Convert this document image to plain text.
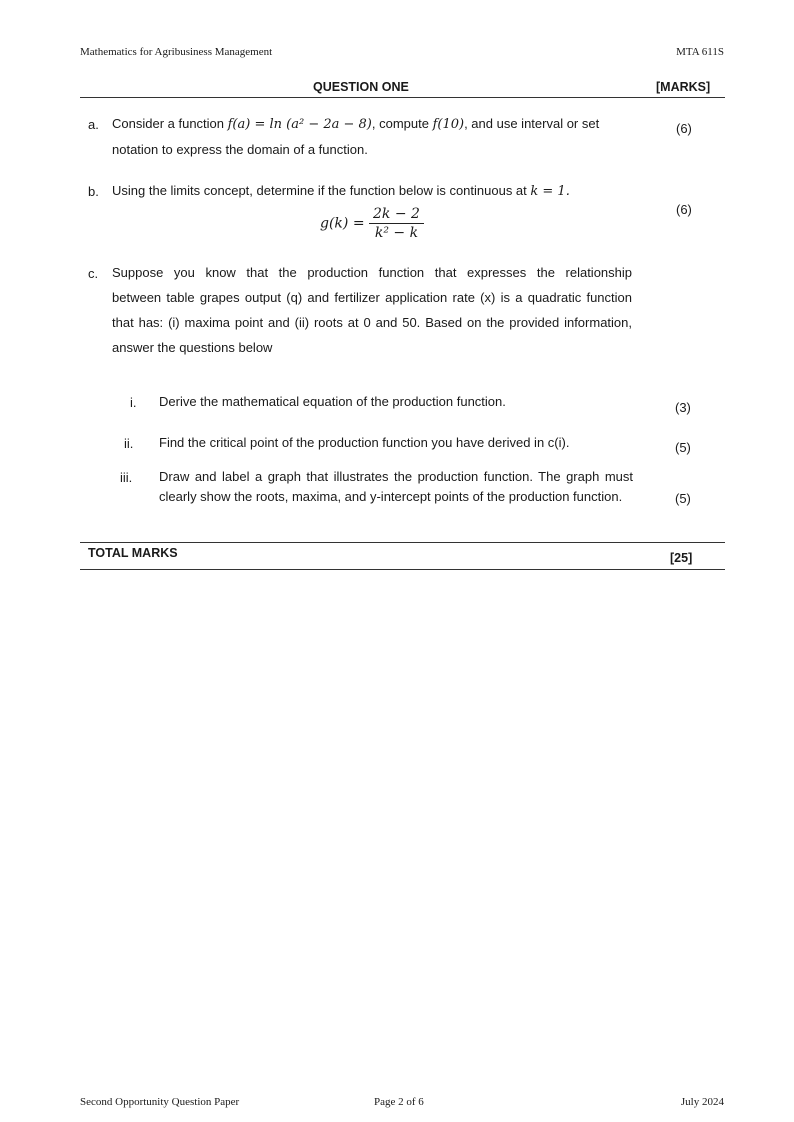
Mathematics for Agribusiness Management	MTA 611S
QUESTION ONE	[MARKS]
a. Consider a function f(a) = ln (a² − 2a − 8), compute f(10), and use interval or set
notation to express the domain of a function.
(6)
b. Using the limits concept, determine if the function below is continuous at k = 1.
$g(k) = \frac{2k - 2}{\text{k² − k}}$	(6)
c. Suppose you know that the production function that expresses the relationship
between table grapes output (q) and fertilizer application rate (x) is a quadratic function
that has: (i) maxima point and (ii) roots at 0 and 50. Based on the provided information,
answer the questions below
i. Derive the mathematical equation of the production function.	(3)
ii. Find the critical point of the production function you have derived in c(i).	(5)
iii. Draw and label a graph that illustrates the production function. The graph must clearly show the roots, maxima, and y-intercept points of the production function.	(5)
TOTAL MARKS	[25]
Second Opportunity Question Paper	Page 2 of 6	July 2024
